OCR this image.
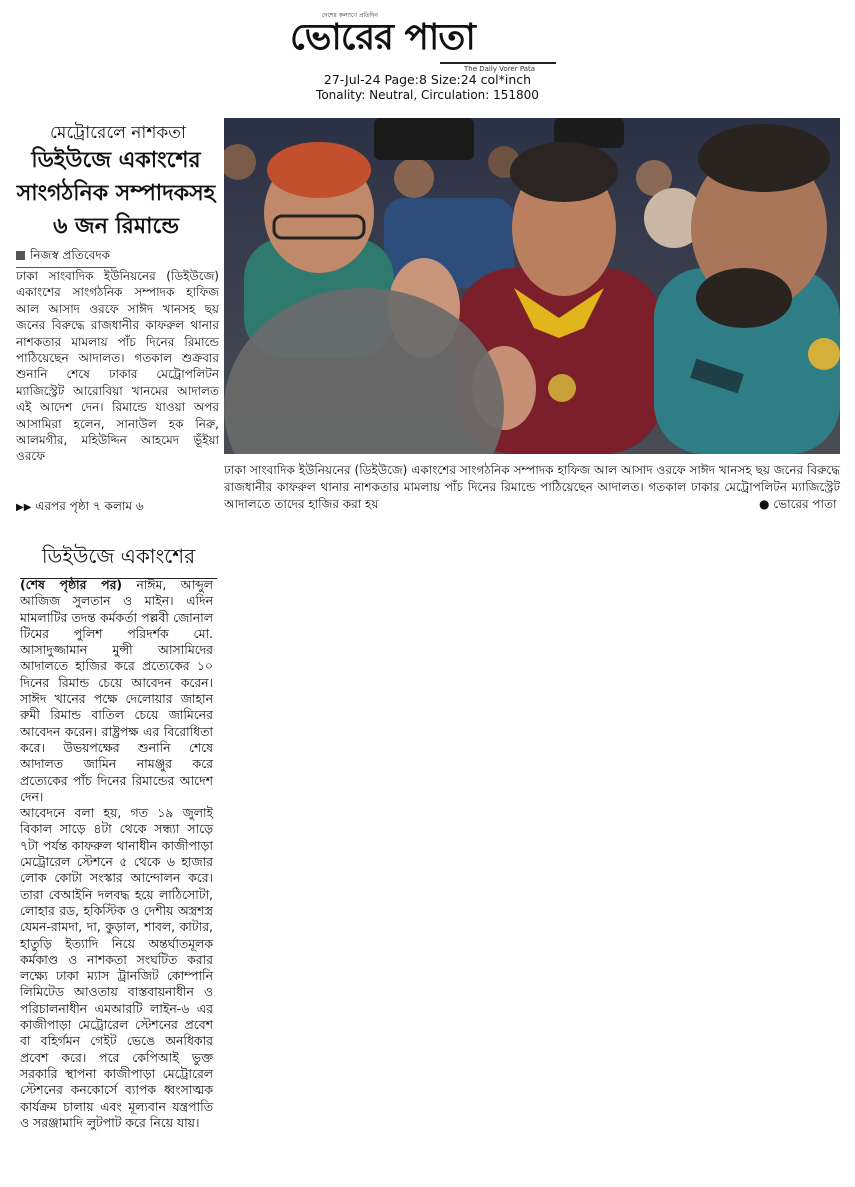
দেশের কল্যাণে প্রতিদিন
ভোরের পাতা
The Daily Vorer Pata
27-Jul-24 Page:8 Size:24 col*inch
Tonality: Neutral, Circulation: 151800
মেট্রোরেলে নাশকতা
ডিইউজে একাংশের
সাংগঠনিক সম্পাদকসহ
৬ জন রিমান্ডে
নিজস্ব প্রতিবেদক
ঢাকা সাংবাদিক ইউনিয়নের (ডিইউজে) একাংশের সাংগঠনিক সম্পাদক হাফিজ আল আসাদ ওরফে সাঈদ খানসহ ছয় জনের বিরুদ্ধে রাজধানীর কাফরুল থানার নাশকতার মামলায় পাঁচ দিনের রিমান্ডে পাঠিয়েছেন আদালত। গতকাল শুক্রবার শুনানি শেষে ঢাকার মেট্রোপলিটন ম্যাজিস্ট্রেট আরোবিয়া খানমের আদালত এই আদেশ দেন। রিমান্ডে যাওয়া অপর আসামিরা হলেন, সানাউল হক নিরু, আলমগীর, মহিউদ্দিন আহমেদ ভূঁইয়া ওরফে
▶▶ এরপর পৃষ্ঠা ৭ কলাম ৬
ঢাকা সাংবাদিক ইউনিয়নের (ডিইউজে) একাংশের সাংগঠনিক সম্পাদক হাফিজ আল আসাদ ওরফে সাঈদ খানসহ ছয় জনের বিরুদ্ধে রাজধানীর কাফরুল থানার নাশকতার মামলায় পাঁচ দিনের রিমান্ডে পাঠিয়েছেন আদালত। গতকাল ঢাকার মেট্রোপলিটন ম্যাজিস্ট্রেট আদালতে তাদের হাজির করা হয়	● ভোরের পাতা
ডিইউজে একাংশের

(শেষ পৃষ্ঠার পর) নাঈম, আব্দুল আজিজ সুলতান ও মাইন। এদিন মামলাটির তদন্ত কর্মকর্তা পল্লবী জোনাল টিমের পুলিশ পরিদর্শক মো. আসাদুজ্জামান মুন্সী আসামিদের আদালতে হাজির করে প্রত্যেকের ১০ দিনের রিমান্ড চেয়ে আবেদন করেন। সাঈদ খানের পক্ষে দেলোয়ার জাহান রুমী রিমান্ড বাতিল চেয়ে জামিনের আবেদন করেন। রাষ্ট্রপক্ষ এর বিরোধিতা করে। উভয়পক্ষের শুনানি শেষে আদালত জামিন নামঞ্জুর করে প্রত্যেকের পাঁচ দিনের রিমান্ডের আদেশ দেন।

আবেদনে বলা হয়, গত ১৯ জুলাই বিকাল সাড়ে ৪টা থেকে সন্ধ্যা সাড়ে ৭টা পর্যন্ত কাফরুল থানাধীন কাজীপাড়া মেট্রোরেল স্টেশনে ৫ থেকে ৬ হাজার লোক কোটা সংস্কার আন্দোলন করে। তারা বেআইনি দলবদ্ধ হয়ে লাঠিসোটা, লোহার রড, হকিস্টিক ও দেশীয় অস্ত্রশস্ত্র যেমন-রামদা, দা, কুড়াল, শাবল, কাটার, হাতুড়ি ইত্যাদি নিয়ে অন্তর্ঘাতমূলক কর্মকাণ্ড ও নাশকতা সংঘটিত করার লক্ষ্যে ঢাকা ম্যাস ট্রানজিট কোম্পানি লিমিটেড আওতায় বাস্তবায়নাধীন ও পরিচালনাধীন এমআরটি লাইন-৬ এর কাজীপাড়া মেট্রোরেল স্টেশনের প্রবেশ বা বহির্গমন গেইট ভেঙে অনধিকার প্রবেশ করে। পরে কেপিআই ভুক্ত সরকারি স্থাপনা কাজীপাড়া মেট্রোরেল স্টেশনের কনকোর্সে ব্যাপক ধ্বংসাত্মক কার্যক্রম চালায় এবং মূল্যবান যন্ত্রপাতি ও সরঞ্জামাদি লুটপাট করে নিয়ে যায়।
